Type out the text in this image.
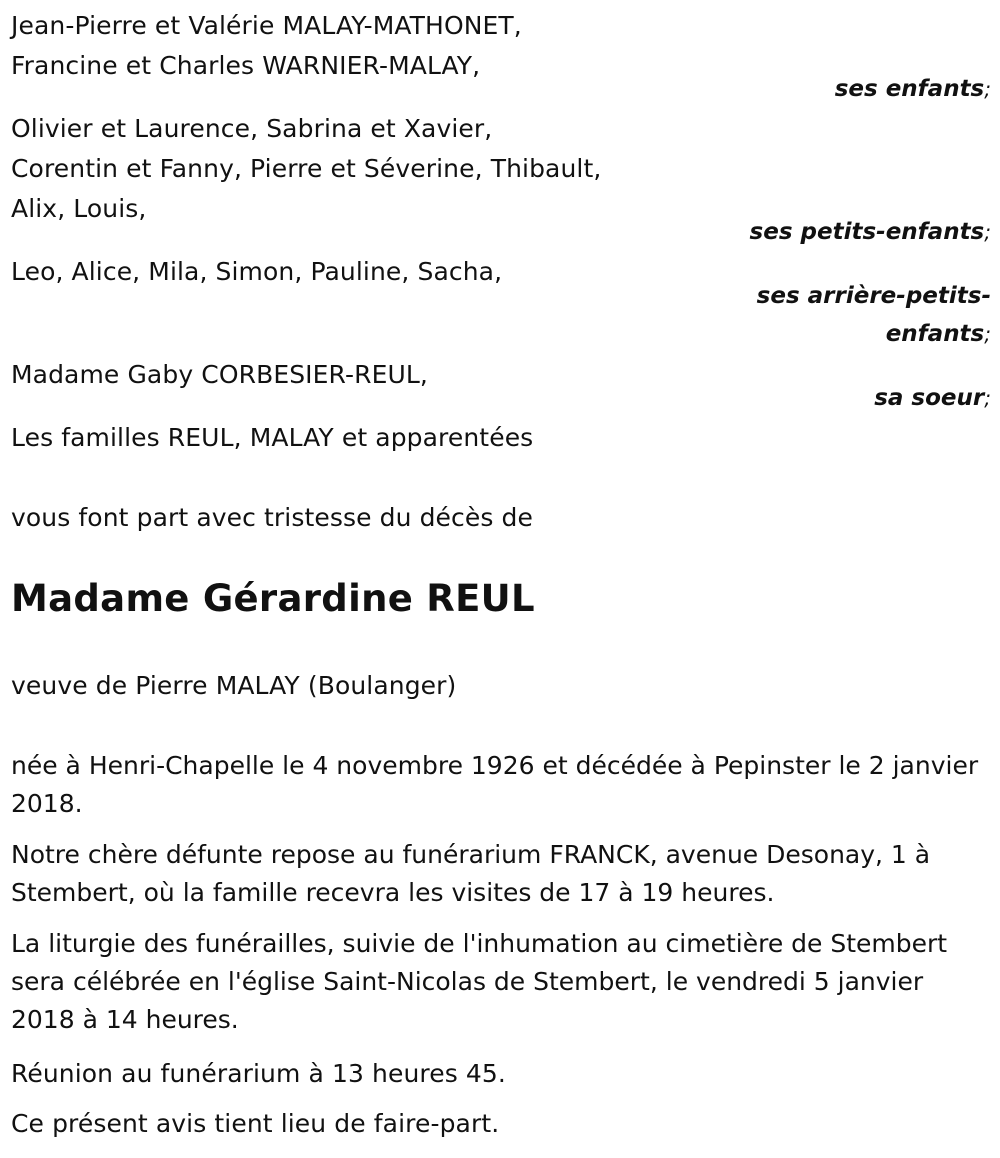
Jean-Pierre et Valérie MALAY-MATHONET,
Francine et Charles WARNIER-MALAY,
ses enfants;
Olivier et Laurence, Sabrina et Xavier,
Corentin et Fanny, Pierre et Séverine, Thibault,
Alix, Louis,
ses petits-enfants;
Leo, Alice, Mila, Simon, Pauline, Sacha,
ses arrière-petits-
enfants;
Madame Gaby CORBESIER-REUL,
sa soeur;
Les familles REUL, MALAY et apparentées
vous font part avec tristesse du décès de
Madame Gérardine REUL
veuve de Pierre MALAY (Boulanger)
née à Henri-Chapelle le 4 novembre 1926 et décédée à Pepinster le 2 janvier 2018.
Notre chère défunte repose au funérarium FRANCK, avenue Desonay, 1 à Stembert, où la famille recevra les visites de 17 à 19 heures.
La liturgie des funérailles, suivie de l'inhumation au cimetière de Stembert sera célébrée en l'église Saint-Nicolas de Stembert, le vendredi 5 janvier 2018 à 14 heures.
Réunion au funérarium à 13 heures 45.
Ce présent avis tient lieu de faire-part.
